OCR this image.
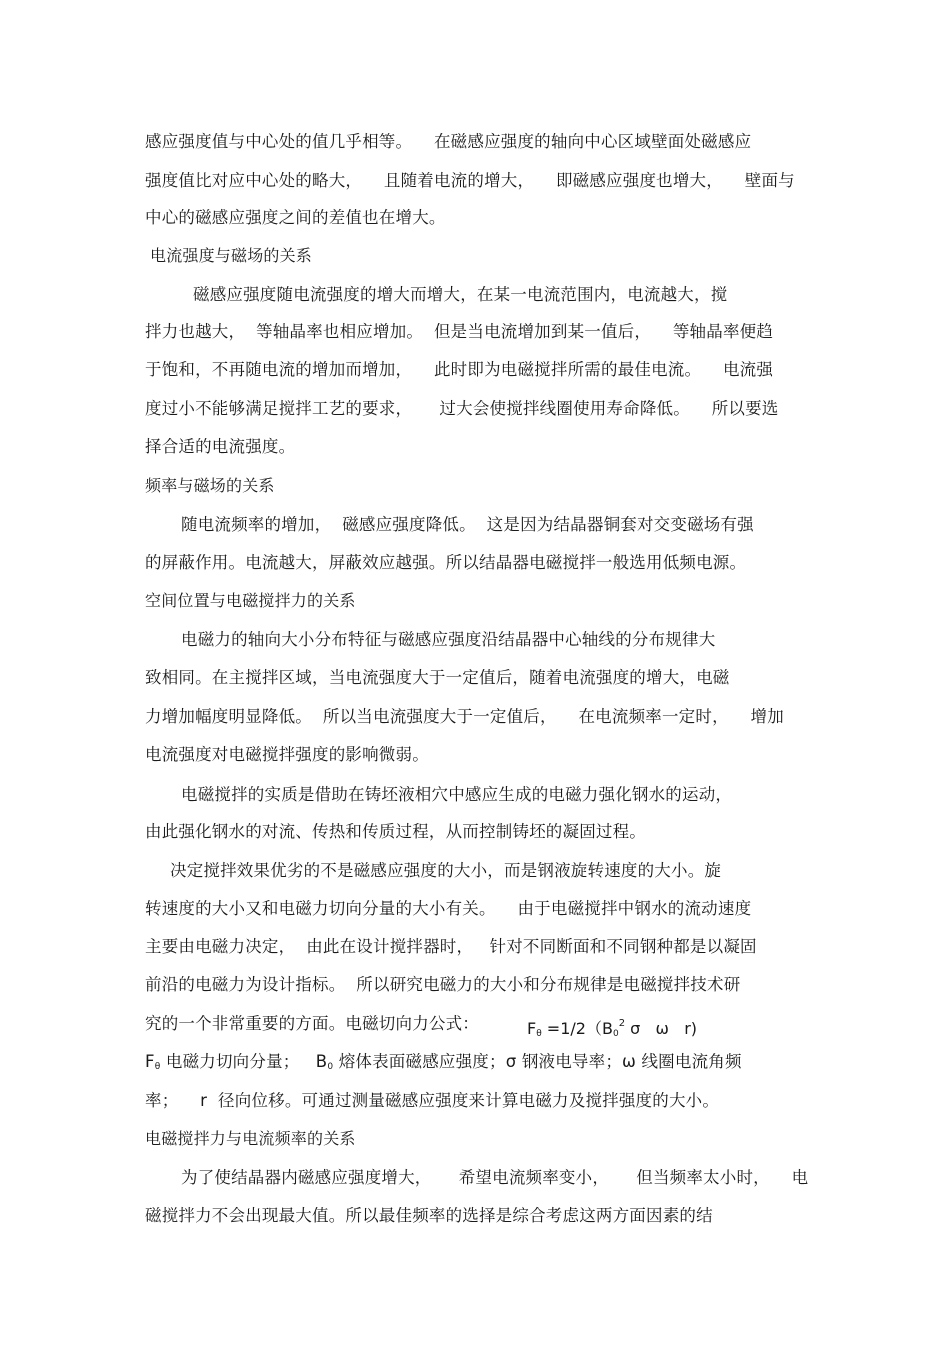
感应强度值与中心处的值几乎相等。    在磁感应强度的轴向中心区域壁面处磁感应
强度值比对应中心处的略大，    且随着电流的增大，    即磁感应强度也增大，    壁面与
中心的磁感应强度之间的差值也在增大。
电流强度与磁场的关系
磁感应强度随电流强度的增大而增大，在某一电流范围内，电流越大，搅
拌力也越大，  等轴晶率也相应增加。  但是当电流增加到某一值后，    等轴晶率便趋
于饱和，不再随电流的增加而增加，    此时即为电磁搅拌所需的最佳电流。    电流强
度过小不能够满足搅拌工艺的要求，     过大会使搅拌线圈使用寿命降低。    所以要选
择合适的电流强度。
频率与磁场的关系
随电流频率的增加，  磁感应强度降低。  这是因为结晶器铜套对交变磁场有强
的屏蔽作用。电流越大，屏蔽效应越强。所以结晶器电磁搅拌一般选用低频电源。
空间位置与电磁搅拌力的关系
电磁力的轴向大小分布特征与磁感应强度沿结晶器中心轴线的分布规律大
致相同。在主搅拌区域，当电流强度大于一定值后，随着电流强度的增大，电磁
力增加幅度明显降低。  所以当电流强度大于一定值后，    在电流频率一定时，    增加
电流强度对电磁搅拌强度的影响微弱。
电磁搅拌的实质是借助在铸坯液相穴中感应生成的电磁力强化钢水的运动，
由此强化钢水的对流、传热和传质过程，从而控制铸坯的凝固过程。
决定搅拌效果优劣的不是磁感应强度的大小，而是钢液旋转速度的大小。旋
转速度的大小又和电磁力切向分量的大小有关。    由于电磁搅拌中钢水的流动速度
主要由电磁力决定，  由此在设计搅拌器时，   针对不同断面和不同钢种都是以凝固
前沿的电磁力为设计指标。  所以研究电磁力的大小和分布规律是电磁搅拌技术研
究的一个非常重要的方面。电磁切向力公式：	$F_\theta =1/2(B_0^2$ σ   ω   r)
$F_\theta$ 电磁力切向分量；   $B_0$ 熔体表面磁感应强度；σ 钢液电导率；ω 线圈电流角频
率；    r  径向位移。可通过测量磁感应强度来计算电磁力及搅拌强度的大小。
电磁搅拌力与电流频率的关系
为了使结晶器内磁感应强度增大，     希望电流频率变小，     但当频率太小时，    电
磁搅拌力不会出现最大值。所以最佳频率的选择是综合考虑这两方面因素的结
